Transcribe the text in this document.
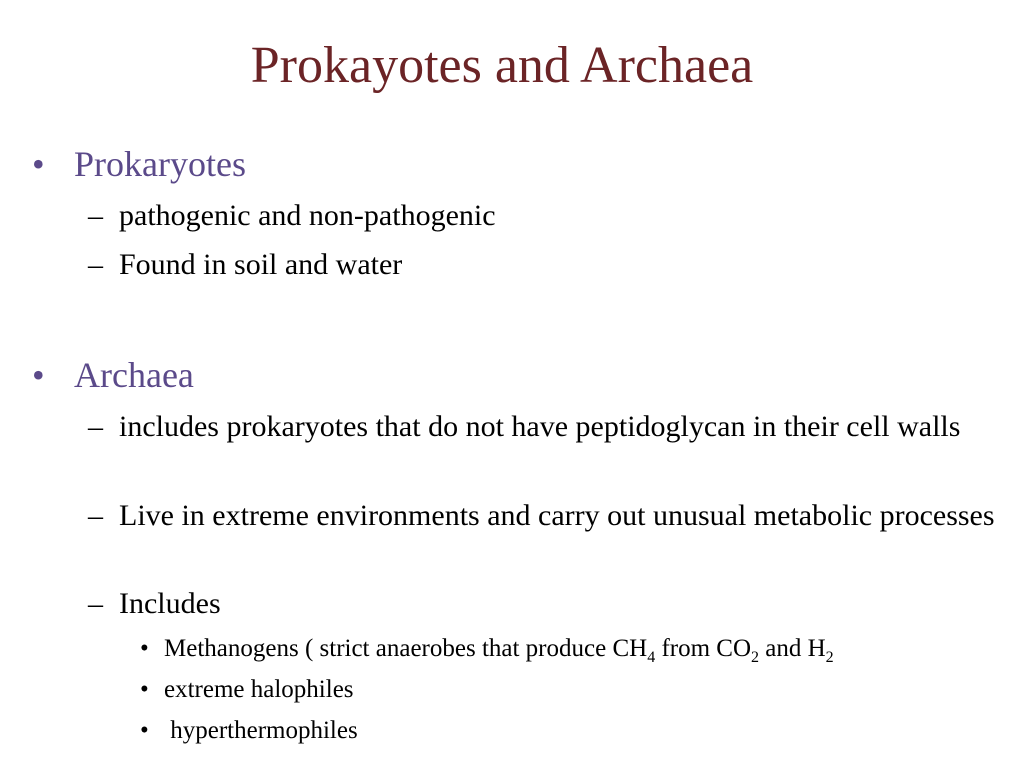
Prokayotes and Archaea
• Prokaryotes
– pathogenic and non-pathogenic
– Found in soil and water
• Archaea
– includes prokaryotes that do not have peptidoglycan in their cell walls
– Live in extreme environments and carry out unusual metabolic processes
– Includes
• Methanogens ( strict anaerobes that produce $CH_4$ from $CO_2$ and $H_2$
• extreme halophiles
• hyperthermophiles
